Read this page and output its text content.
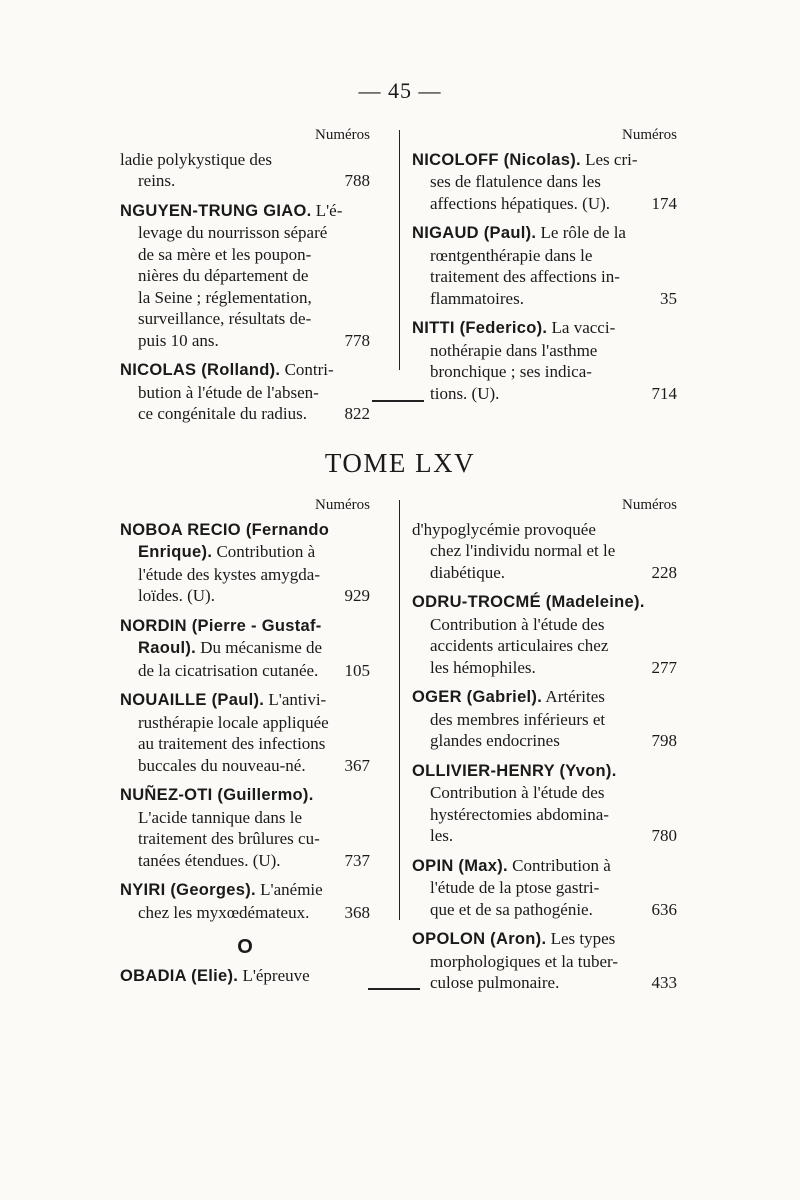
— 45 —
Numéros
ladie polykystique des
reins.	788
NGUYEN-TRUNG GIAO. L'é-
levage du nourrisson séparé
de sa mère et les poupon-
nières du département de
la Seine ; réglementation,
surveillance, résultats de-
puis 10 ans.	778
NICOLAS (Rolland). Contri-
bution à l'étude de l'absen-
ce congénitale du radius. 822
Numéros
NICOLOFF (Nicolas). Les cri-
ses de flatulence dans les
affections hépatiques. (U). 174
NIGAUD (Paul). Le rôle de la
rœntgenthérapie dans le
traitement des affections in-
flammatoires.	35
NITTI (Federico). La vacci-
nothérapie dans l'asthme
bronchique ; ses indica-
tions. (U).	714
TOME LXV
Numéros
NOBOA RECIO (Fernando
Enrique). Contribution à
l'étude des kystes amygda-
loïdes. (U).	929
NORDIN (Pierre - Gustaf-
Raoul). Du mécanisme de
de la cicatrisation cutanée. 105
NOUAILLE (Paul). L'antivi-
rusthérapie locale appliquée
au traitement des infections
buccales du nouveau-né. 367
NUÑEZ-OTI (Guillermo).
L'acide tannique dans le
traitement des brûlures cu-
tanées étendues. (U).	737
NYIRI (Georges). L'anémie
chez les myxœdémateux. 368
O
OBADIA (Elie). L'épreuve
Numéros
d'hypoglycémie provoquée
chez l'individu normal et le
diabétique.	228
ODRU-TROCMÉ (Madeleine).
Contribution à l'étude des
accidents articulaires chez
les hémophiles.	277
OGER (Gabriel). Artérites
des membres inférieurs et
glandes endocrines	798
OLLIVIER-HENRY (Yvon).
Contribution à l'étude des
hystérectomies abdomina-
les.	780
OPIN (Max). Contribution à
l'étude de la ptose gastri-
que et de sa pathogénie.	636
OPOLON (Aron). Les types
morphologiques et la tuber-
culose pulmonaire.	433
